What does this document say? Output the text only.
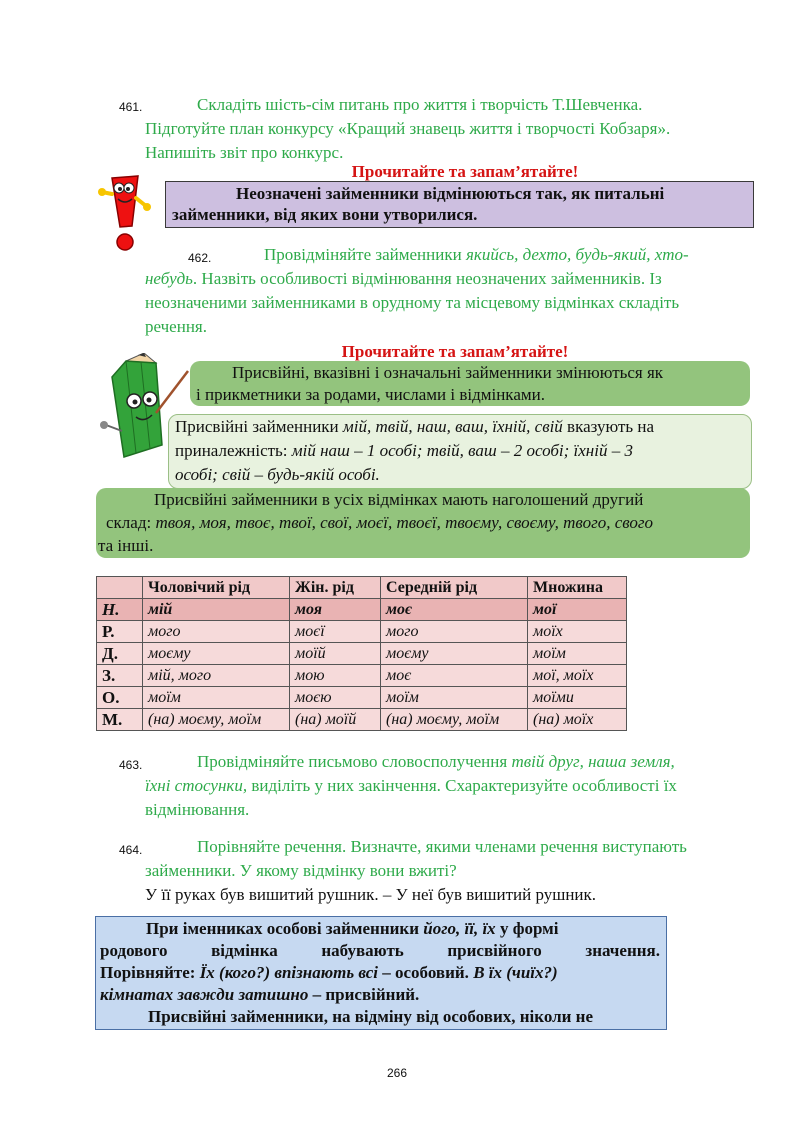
461.	Складіть шість-сім питань про життя і творчість Т.Шевченка.
Підготуйте план конкурсу «Кращий знавець життя і творчості Кобзаря».
Напишіть звіт про конкурс.
Прочитайте та запам’ятайте!
Неозначені займенники відмінюються так, як питальні
займенники, від яких вони утворилися.
462.	Провідміняйте займенники якийсь, дехто, будь-який, хто-
небудь. Назвіть особливості відмінювання неозначених займенників. Із
неозначеними займенниками в орудному та місцевому відмінках складіть
речення.
Прочитайте та запам’ятайте!
Присвійні, вказівні і означальні займенники змінюються як
і прикметники за родами, числами і відмінками.
Присвійні займенники мій, твій, наш, ваш, їхній, свій вказують на
приналежність: мій наш – 1 особі; твій, ваш – 2 особі; їхній – 3
особі; свій – будь-якій особі.
Присвійні займенники в усіх відмінках мають наголошений другий
склад: твоя, моя, твоє, твої, свої, моєї, твоєї, твоєму, своєму, твого, свого
та інші.
	Чоловічий рід	Жін. рід	Середній рід	Множина
Н.	мій	моя	моє	мої
Р.	мого	моєї	мого	моїх
Д.	моєму	моїй	моєму	моїм
З.	мій, мого	мою	моє	мої, моїх
О.	моїм	моєю	моїм	моїми
М.	(на) моєму, моїм	(на) моїй	(на) моєму, моїм	(на) моїх
463.	Провідміняйте письмово словосполучення твій друг, наша земля,
їхні стосунки, виділіть у них закінчення. Схарактеризуйте особливості їх
відмінювання.
464.	Порівняйте речення. Визначте, якими членами речення виступають
займенники. У якому відмінку вони вжиті?
У її руках був вишитий рушник. – У неї був вишитий рушник.
При іменниках особові займенники його, її, їх у формі
родового	відмінка	набувають	присвійного	значення.
Порівняйте: Їх (кого?) впізнають всі – особовий. В їх (чиїх?)
кімнатах завжди затишно – присвійний.
Присвійні займенники, на відміну від особових, ніколи не
266
